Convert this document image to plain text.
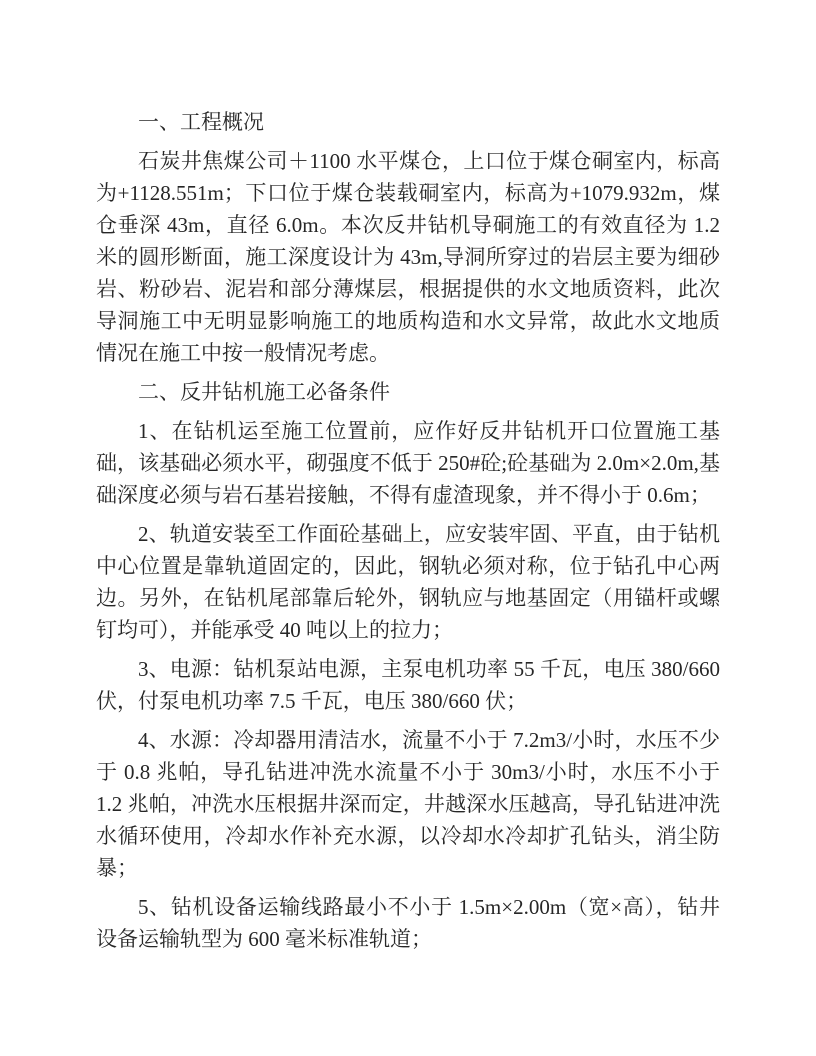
一、工程概况

石炭井焦煤公司＋1100 水平煤仓，上口位于煤仓硐室内，标高为+1128.551m；下口位于煤仓装载硐室内，标高为+1079.932m，煤仓垂深 43m，直径 6.0m。本次反井钻机导硐施工的有效直径为 1.2 米的圆形断面，施工深度设计为 43m,导洞所穿过的岩层主要为细砂岩、粉砂岩、泥岩和部分薄煤层，根据提供的水文地质资料，此次导洞施工中无明显影响施工的地质构造和水文异常，故此水文地质情况在施工中按一般情况考虑。

二、反井钻机施工必备条件

1、在钻机运至施工位置前，应作好反井钻机开口位置施工基础，该基础必须水平，砌强度不低于 250#砼;砼基础为 2.0m×2.0m,基础深度必须与岩石基岩接触，不得有虚渣现象，并不得小于 0.6m；

2、轨道安装至工作面砼基础上，应安装牢固、平直，由于钻机中心位置是靠轨道固定的，因此，钢轨必须对称，位于钻孔中心两边。另外，在钻机尾部靠后轮外，钢轨应与地基固定（用锚杆或螺钉均可），并能承受 40 吨以上的拉力；

3、电源：钻机泵站电源，主泵电机功率 55 千瓦，电压 380/660 伏，付泵电机功率 7.5 千瓦，电压 380/660 伏；

4、水源：冷却器用清洁水，流量不小于 7.2m3/小时，水压不少于 0.8 兆帕，导孔钻进冲洗水流量不小于 30m3/小时，水压不小于 1.2 兆帕，冲洗水压根据井深而定，井越深水压越高，导孔钻进冲洗水循环使用，冷却水作补充水源，以冷却水冷却扩孔钻头，消尘防暴；

5、钻机设备运输线路最小不小于 1.5m×2.00m（宽×高），钻井设备运输轨型为 600 毫米标准轨道；
